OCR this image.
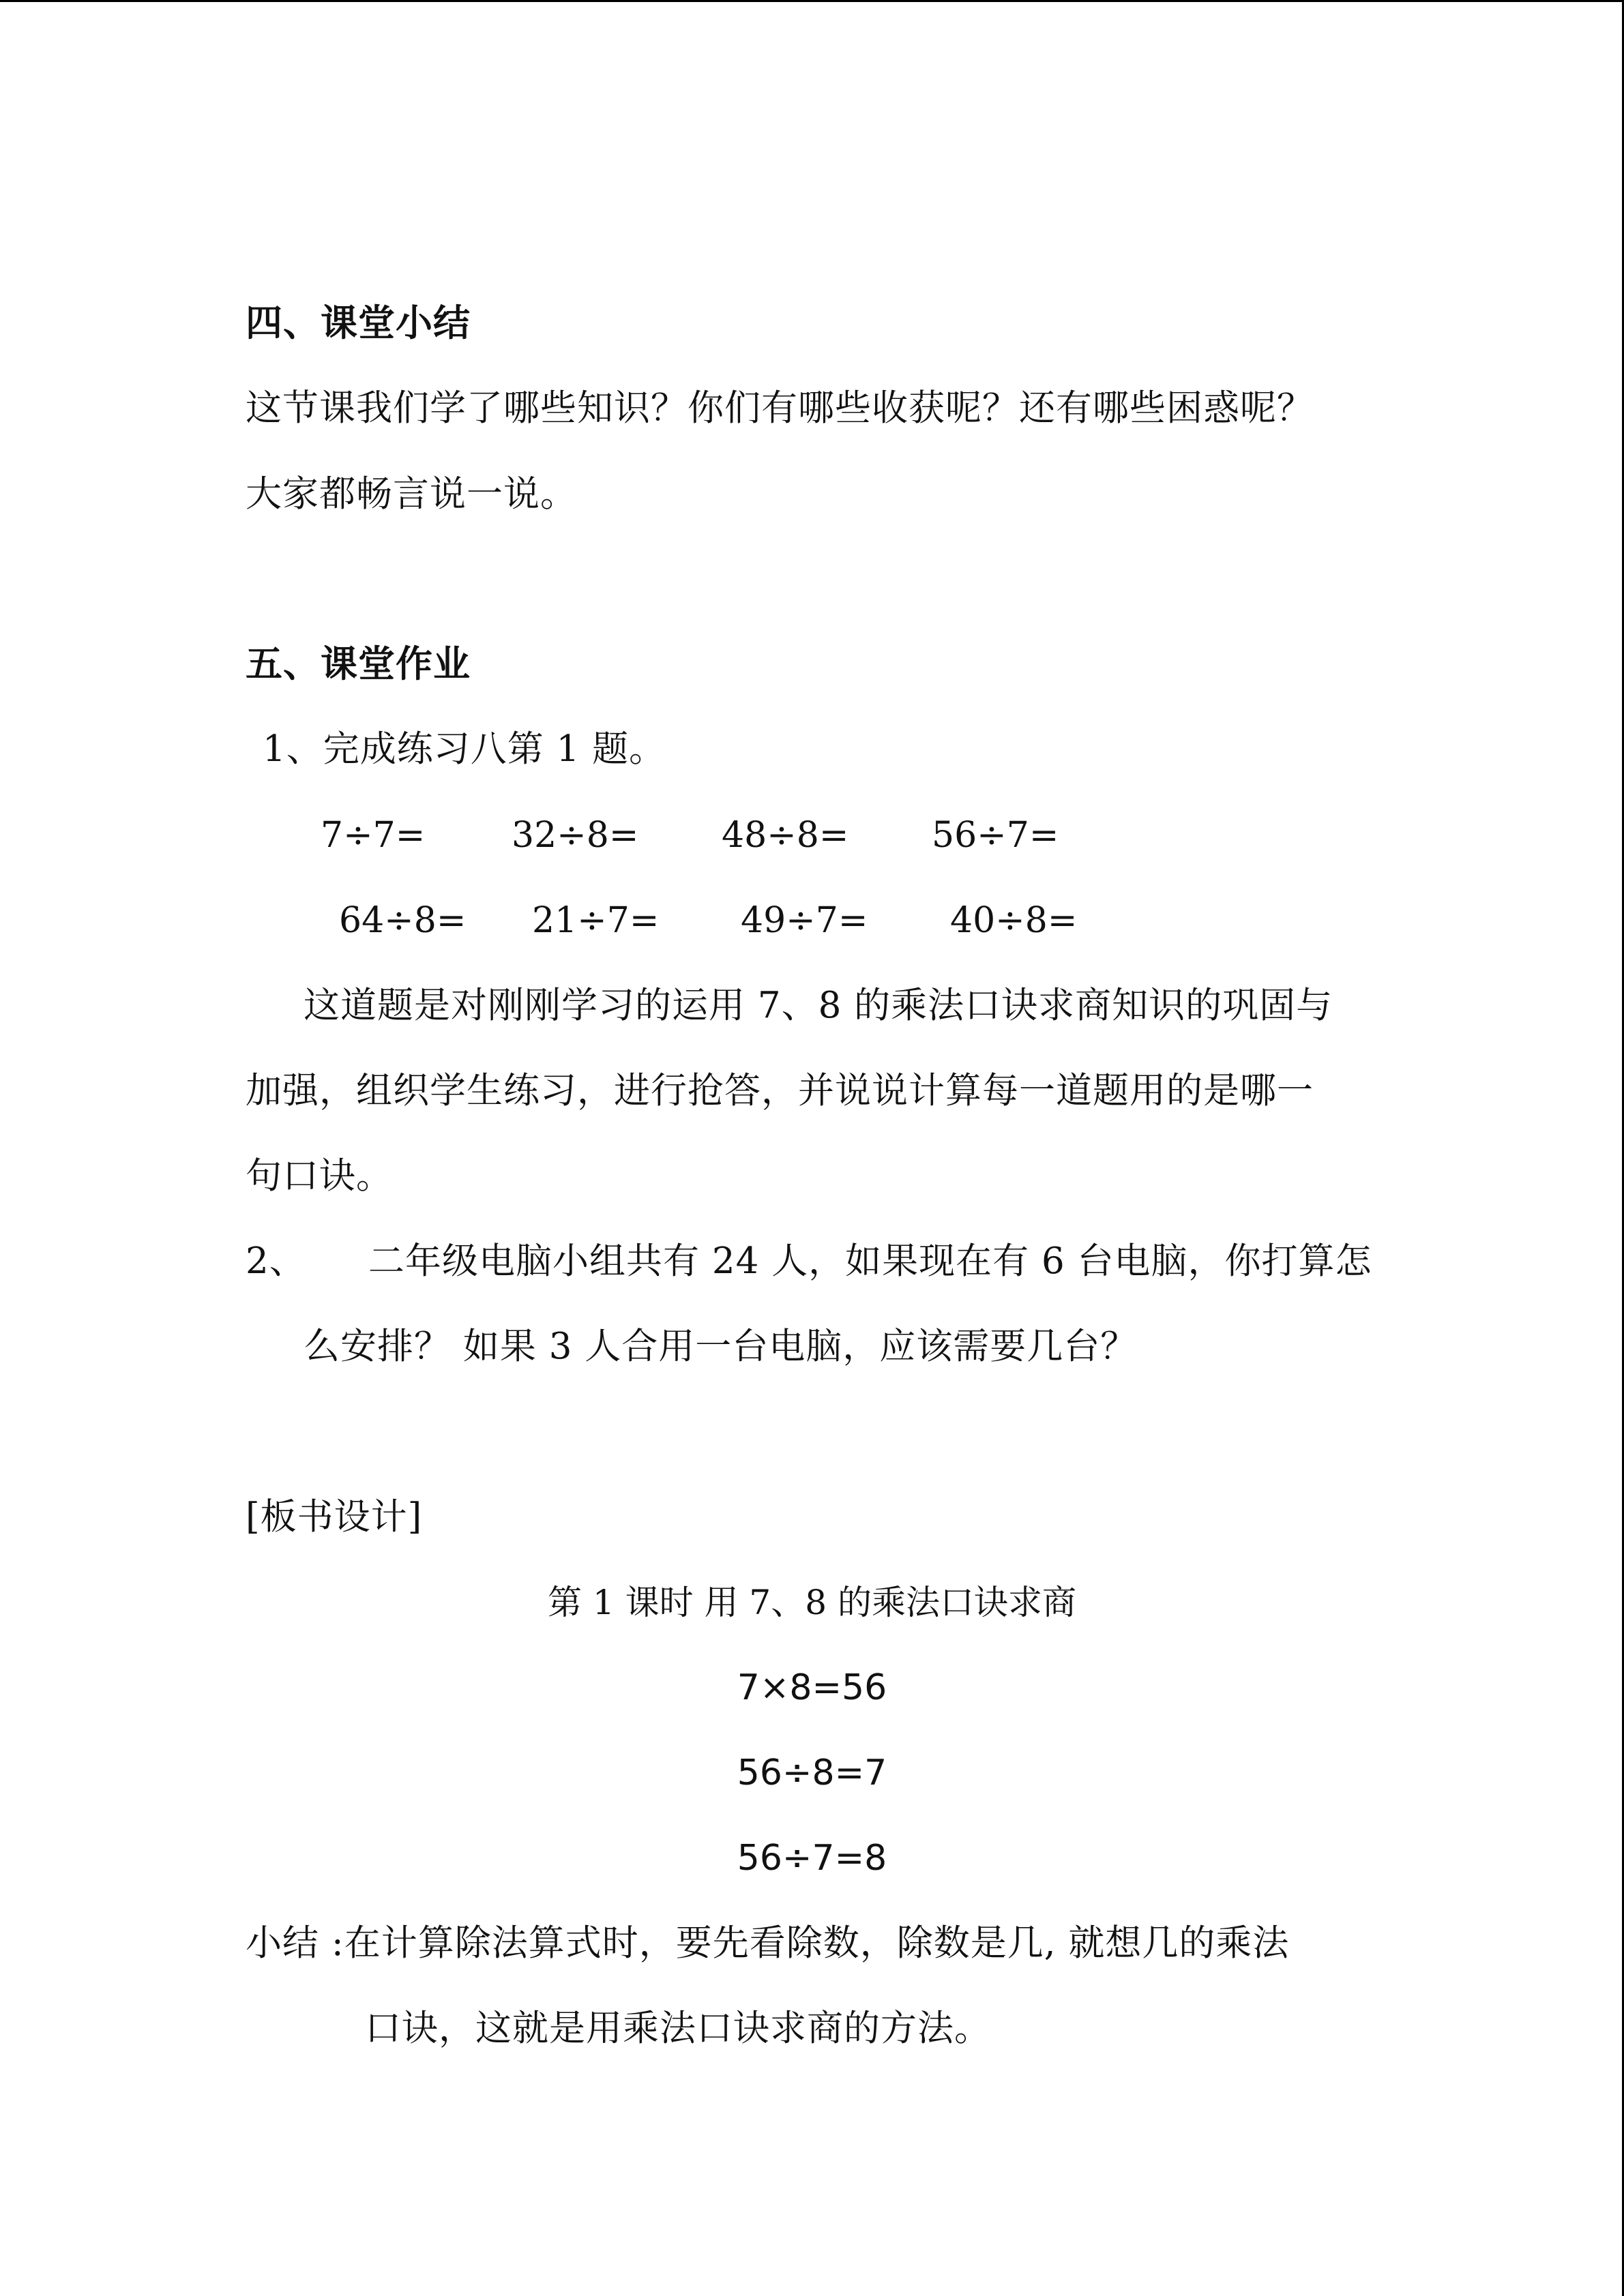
四、课堂小结
这节课我们学了哪些知识？你们有哪些收获呢？还有哪些困惑呢？
大家都畅言说一说。
五、课堂作业
1、完成练习八第 1 题。
7÷7= 32÷8= 48÷8= 56÷7=
64÷8= 21÷7= 49÷7= 40÷8=
这道题是对刚刚学习的运用 7、8 的乘法口诀求商知识的巩固与
加强，组织学生练习，进行抢答，并说说计算每一道题用的是哪一
句口诀。
2、 二年级电脑小组共有 24 人，如果现在有 6 台电脑，你打算怎
么安排？ 如果 3 人合用一台电脑，应该需要几台？
[板书设计]
第 1 课时 用 7、8 的乘法口诀求商
7×8=56
56÷8=7
56÷7=8
小结 :在计算除法算式时，要先看除数，除数是几, 就想几的乘法
口诀，这就是用乘法口诀求商的方法。
